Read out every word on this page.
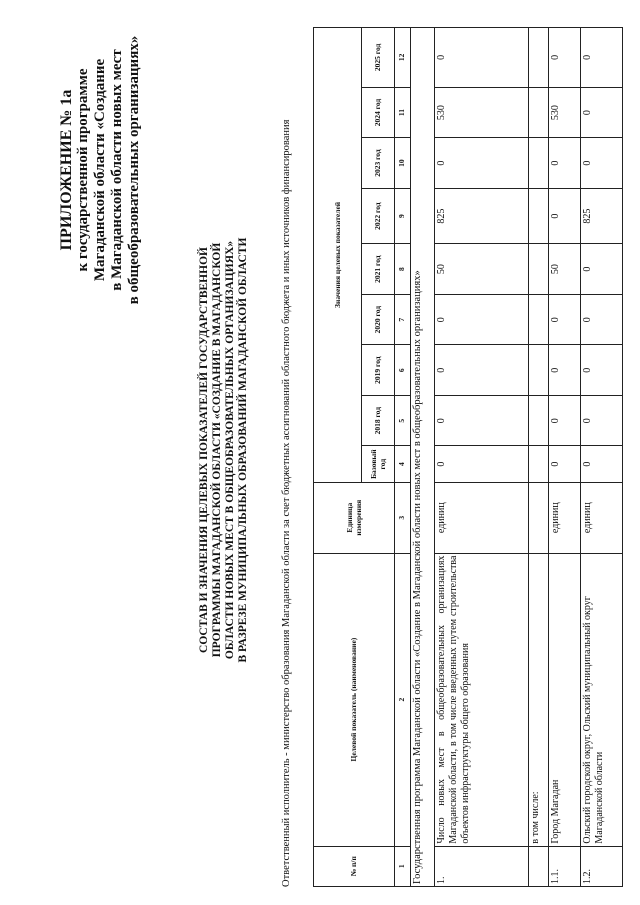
ПРИЛОЖЕНИЕ № 1а к государственной программе Магаданской области «Создание в Магаданской области новых мест в общеобразовательных организациях»
СОСТАВ И ЗНАЧЕНИЯ ЦЕЛЕВЫХ ПОКАЗАТЕЛЕЙ ГОСУДАРСТВЕННОЙ ПРОГРАММЫ МАГАДАНСКОЙ ОБЛАСТИ «СОЗДАНИЕ В МАГАДАНСКОЙ ОБЛАСТИ НОВЫХ МЕСТ В ОБЩЕОБРАЗОВАТЕЛЬНЫХ ОРГАНИЗАЦИЯХ» В РАЗРЕЗЕ МУНИЦИПАЛЬНЫХ ОБРАЗОВАНИЙ МАГАДАНСКОЙ ОБЛАСТИ	Ответственный исполнитель - министерство образования Магаданской области за счет бюджетных ассигнований областного бюджета и иных источников финансирования	№ п/п	Целевой показатель (наименование)	Единица измерения	Значения целевых показателей								
			Базовый год	2018 год	2019 год	2020 год	2021 год	2022 год	2023 год	2024 год	2025 год
1	2	3	4	5	6	7	8	9	10	11	12
Государственная программа Магаданской области «Создание в Магаданской области новых мест в общеобразовательных организациях»											
1.	Число новых мест в общеобразовательных организациях Магаданской области, в том числе введенных путем строительства объектов инфраструктуры общего образования	единиц	0	0	0	0	50	825	0	530	0
	в том числе:										
1.1.	Город Магадан	единиц	0	0	0	0	50	0	0	530	0
1.2.	Ольский городской округ, Ольский муниципальный округ Магаданской области	единиц	0	0	0	0	0	825	0	0	0
